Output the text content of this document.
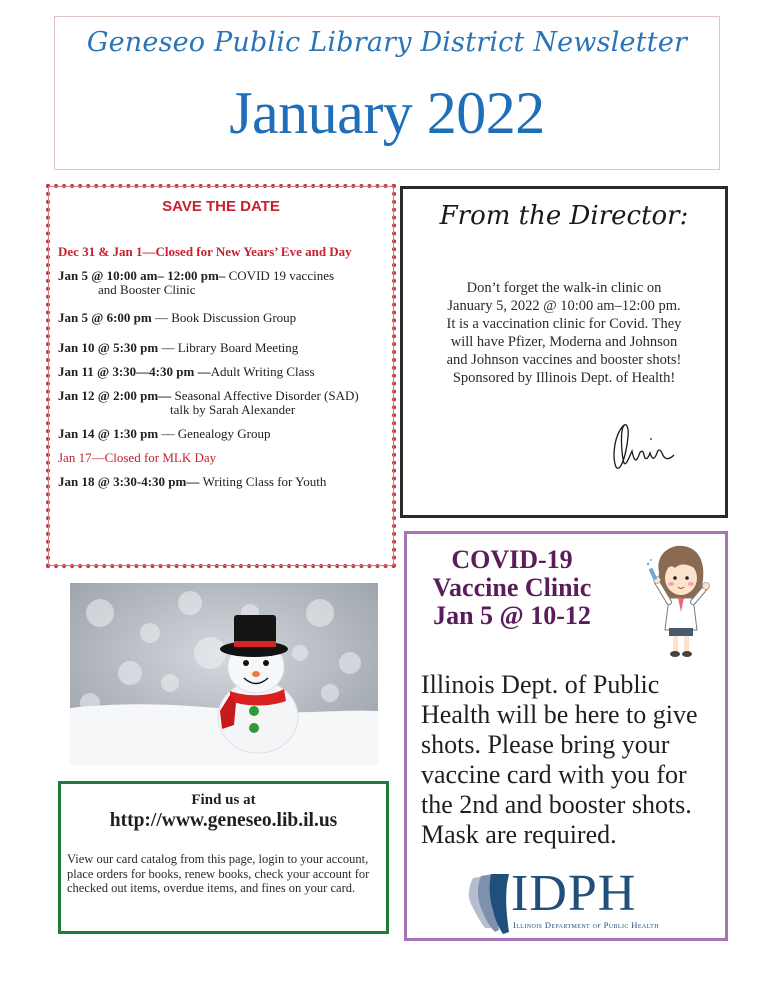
Geneseo Public Library District Newsletter
January 2022
SAVE THE DATE
Dec 31 & Jan 1—Closed for New Years’ Eve and Day
Jan 5 @ 10:00 am– 12:00 pm– COVID 19 vaccines
and Booster Clinic
Jan 5 @ 6:00 pm — Book Discussion Group
Jan 10 @ 5:30 pm — Library Board Meeting
Jan 11 @ 3:30—4:30 pm —Adult Writing Class
Jan 12 @ 2:00 pm— Seasonal Affective Disorder (SAD)
talk by Sarah Alexander
Jan 14 @ 1:30 pm — Genealogy Group
Jan 17—Closed for MLK Day
Jan 18 @ 3:30-4:30 pm— Writing Class for Youth
From the Director:
Don’t forget the walk-in clinic on
January 5, 2022 @ 10:00 am–12:00 pm.
It is a vaccination clinic for Covid. They
will have Pfizer, Moderna and Johnson
and Johnson vaccines and booster shots!
Sponsored by Illinois Dept. of Health!
COVID-19
Vaccine Clinic
Jan 5 @ 10-12
Illinois Dept. of Public
Health will be here to give
shots. Please bring your
vaccine card with you for
the 2nd and booster shots.
Mask are required.
IDPH
Illinois Department of Public Health
Find us at
http://www.geneseo.lib.il.us
View our card catalog from this page, login to your account, place orders for books, renew books, check your account for checked out items, overdue items, and fines on your card.
